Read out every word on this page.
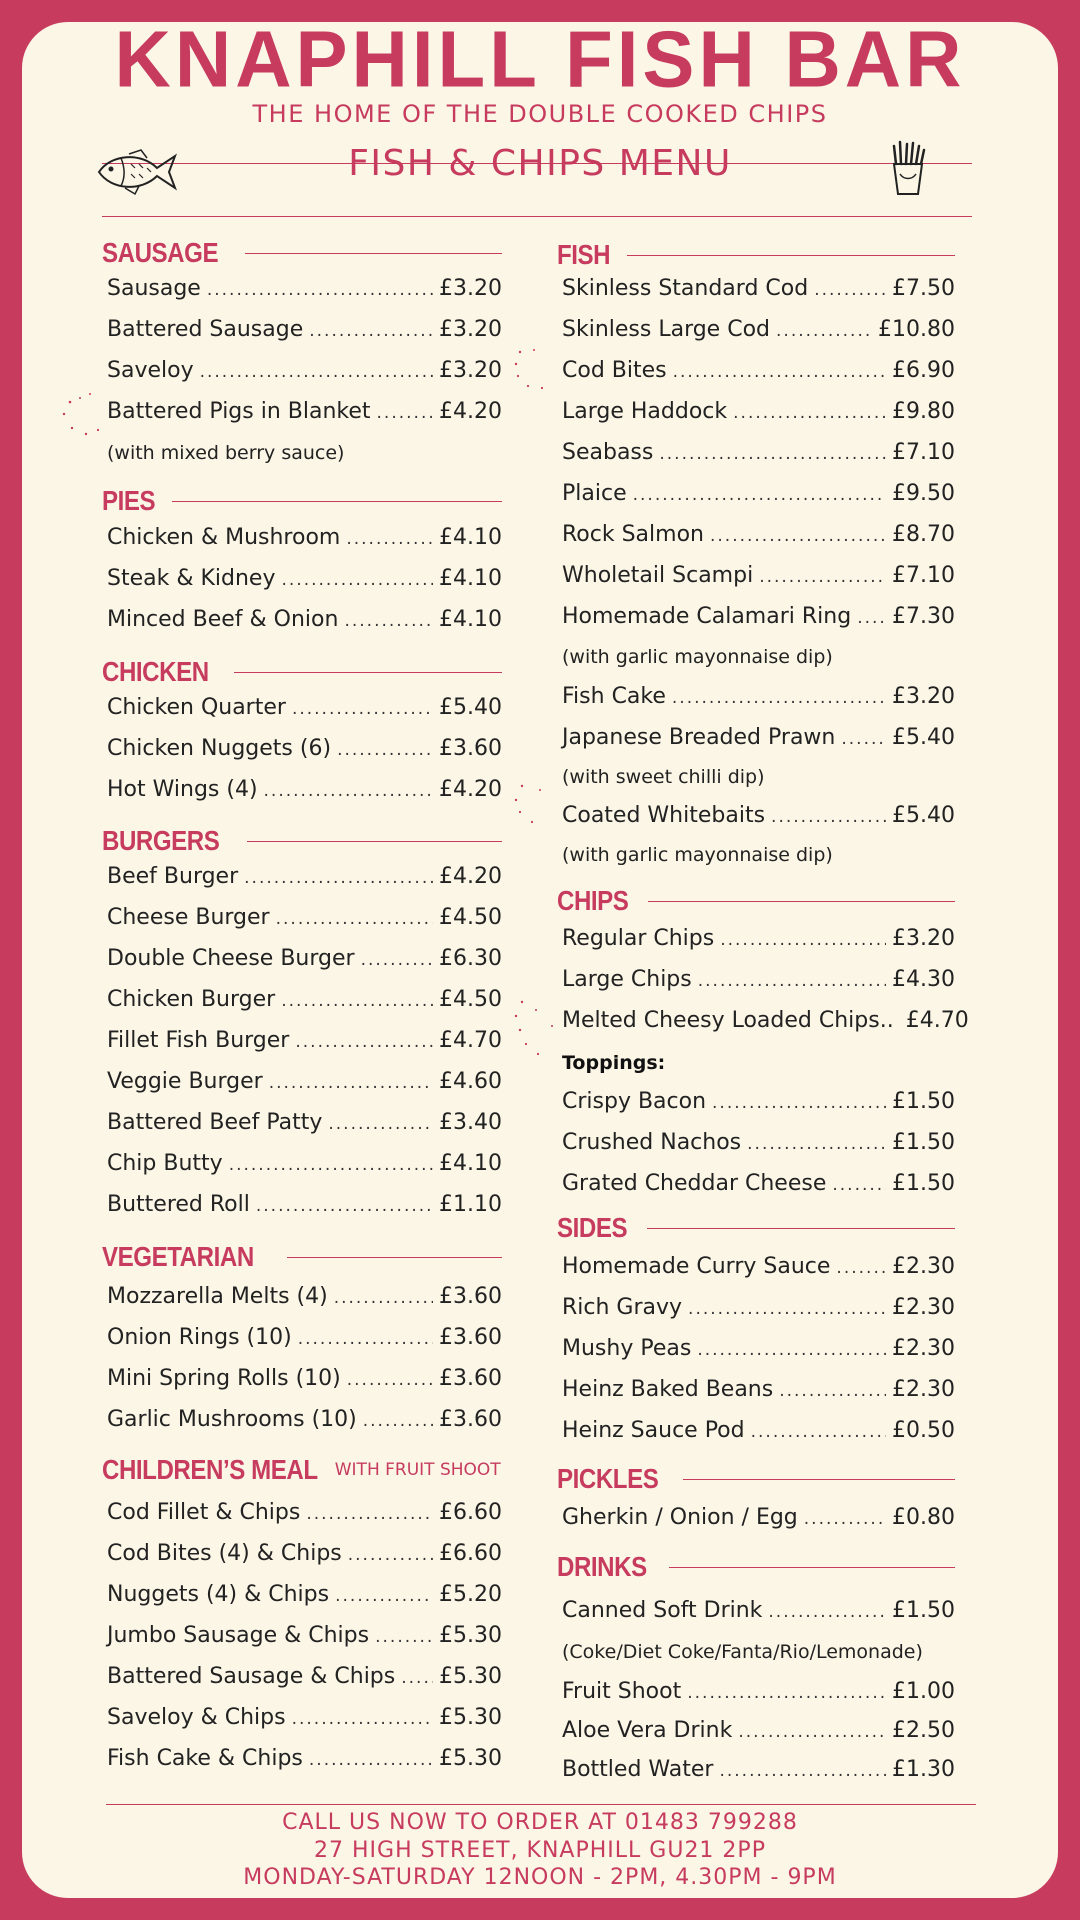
KNAPHILL FISH BAR
THE HOME OF THE DOUBLE COOKED CHIPS
FISH & CHIPS MENU
SAUSAGE
Sausage .....	£3.20
Battered Sausage .....	£3.20
Saveloy .....	£3.20
Battered Pigs in Blanket .....	£4.20
(with mixed berry sauce)
PIES
Chicken & Mushroom .....	£4.10
Steak & Kidney .....	£4.10
Minced Beef & Onion .....	£4.10
CHICKEN
Chicken Quarter .....	£5.40
Chicken Nuggets (6) .....	£3.60
Hot Wings (4) .....	£4.20
BURGERS
Beef Burger .....	£4.20
Cheese Burger .....	£4.50
Double Cheese Burger .....	£6.30
Chicken Burger .....	£4.50
Fillet Fish Burger .....	£4.70
Veggie Burger .....	£4.60
Battered Beef Patty .....	£3.40
Chip Butty .....	£4.10
Buttered Roll .....	£1.10
VEGETARIAN
Mozzarella Melts (4) .....	£3.60
Onion Rings (10) .....	£3.60
Mini Spring Rolls (10) .....	£3.60
Garlic Mushrooms (10) .....	£3.60
CHILDREN’S MEAL WITH FRUIT SHOOT
Cod Fillet & Chips .....	£6.60
Cod Bites (4) & Chips .....	£6.60
Nuggets (4) & Chips .....	£5.20
Jumbo Sausage & Chips .....	£5.30
Battered Sausage & Chips ..... £5.30
Saveloy & Chips .....	£5.30
Fish Cake & Chips .....	£5.30
FISH
Skinless Standard Cod .....	£7.50
Skinless Large Cod .....	£10.80
Cod Bites .....	£6.90
Large Haddock .....	£9.80
Seabass .....	£7.10
Plaice .....	£9.50
Rock Salmon .....	£8.70
Wholetail Scampi .....	£7.10
Homemade Calamari Ring ..... £7.30
(with garlic mayonnaise dip)
Fish Cake .....	£3.20
Japanese Breaded Prawn .....	£5.40
(with sweet chilli dip)
Coated Whitebaits .....	£5.40
(with garlic mayonnaise dip)
CHIPS
Regular Chips .....	£3.20
Large Chips .....	£4.30
Melted Cheesy Loaded Chips.. £4.70
Toppings:
Crispy Bacon .....	£1.50
Crushed Nachos .....	£1.50
Grated Cheddar Cheese .....	£1.50
SIDES
Homemade Curry Sauce .....	£2.30
Rich Gravy .....	£2.30
Mushy Peas .....	£2.30
Heinz Baked Beans .....	£2.30
Heinz Sauce Pod .....	£0.50
PICKLES
Gherkin / Onion / Egg .....	£0.80
DRINKS
Canned Soft Drink .....	£1.50
(Coke/Diet Coke/Fanta/Rio/Lemonade)
Fruit Shoot .....	£1.00
Aloe Vera Drink .....	£2.50
Bottled Water .....	£1.30
CALL US NOW TO ORDER AT 01483 799288
27 HIGH STREET, KNAPHILL GU21 2PP
MONDAY-SATURDAY 12NOON - 2PM, 4.30PM - 9PM
